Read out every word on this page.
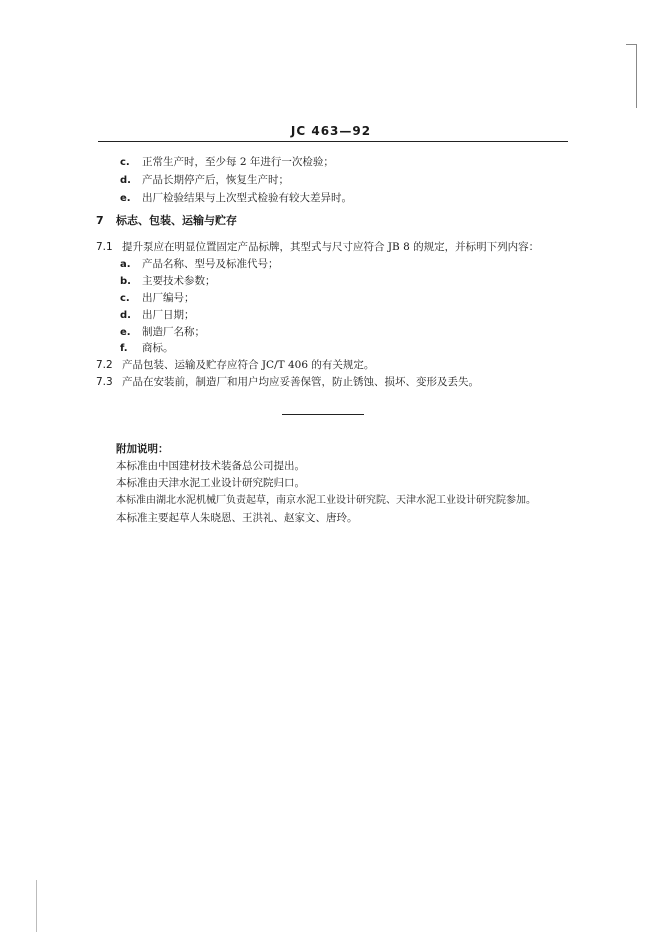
JC 463—92
c. 正常生产时，至少每 2 年进行一次检验；
d. 产品长期停产后，恢复生产时；
e. 出厂检验结果与上次型式检验有较大差异时。
7 标志、包装、运输与贮存
7.1 提升泵应在明显位置固定产品标牌，其型式与尺寸应符合 JB 8 的规定，并标明下列内容：
a. 产品名称、型号及标准代号；
b. 主要技术参数；
c. 出厂编号；
d. 出厂日期；
e. 制造厂名称；
f. 商标。
7.2 产品包装、运输及贮存应符合 JC/T 406 的有关规定。
7.3 产品在安装前，制造厂和用户均应妥善保管，防止锈蚀、损坏、变形及丢失。
附加说明：
本标准由中国建材技术装备总公司提出。
本标准由天津水泥工业设计研究院归口。
本标准由湖北水泥机械厂负责起草，南京水泥工业设计研究院、天津水泥工业设计研究院参加。
本标准主要起草人朱晓恩、王洪礼、赵家文、唐玲。
